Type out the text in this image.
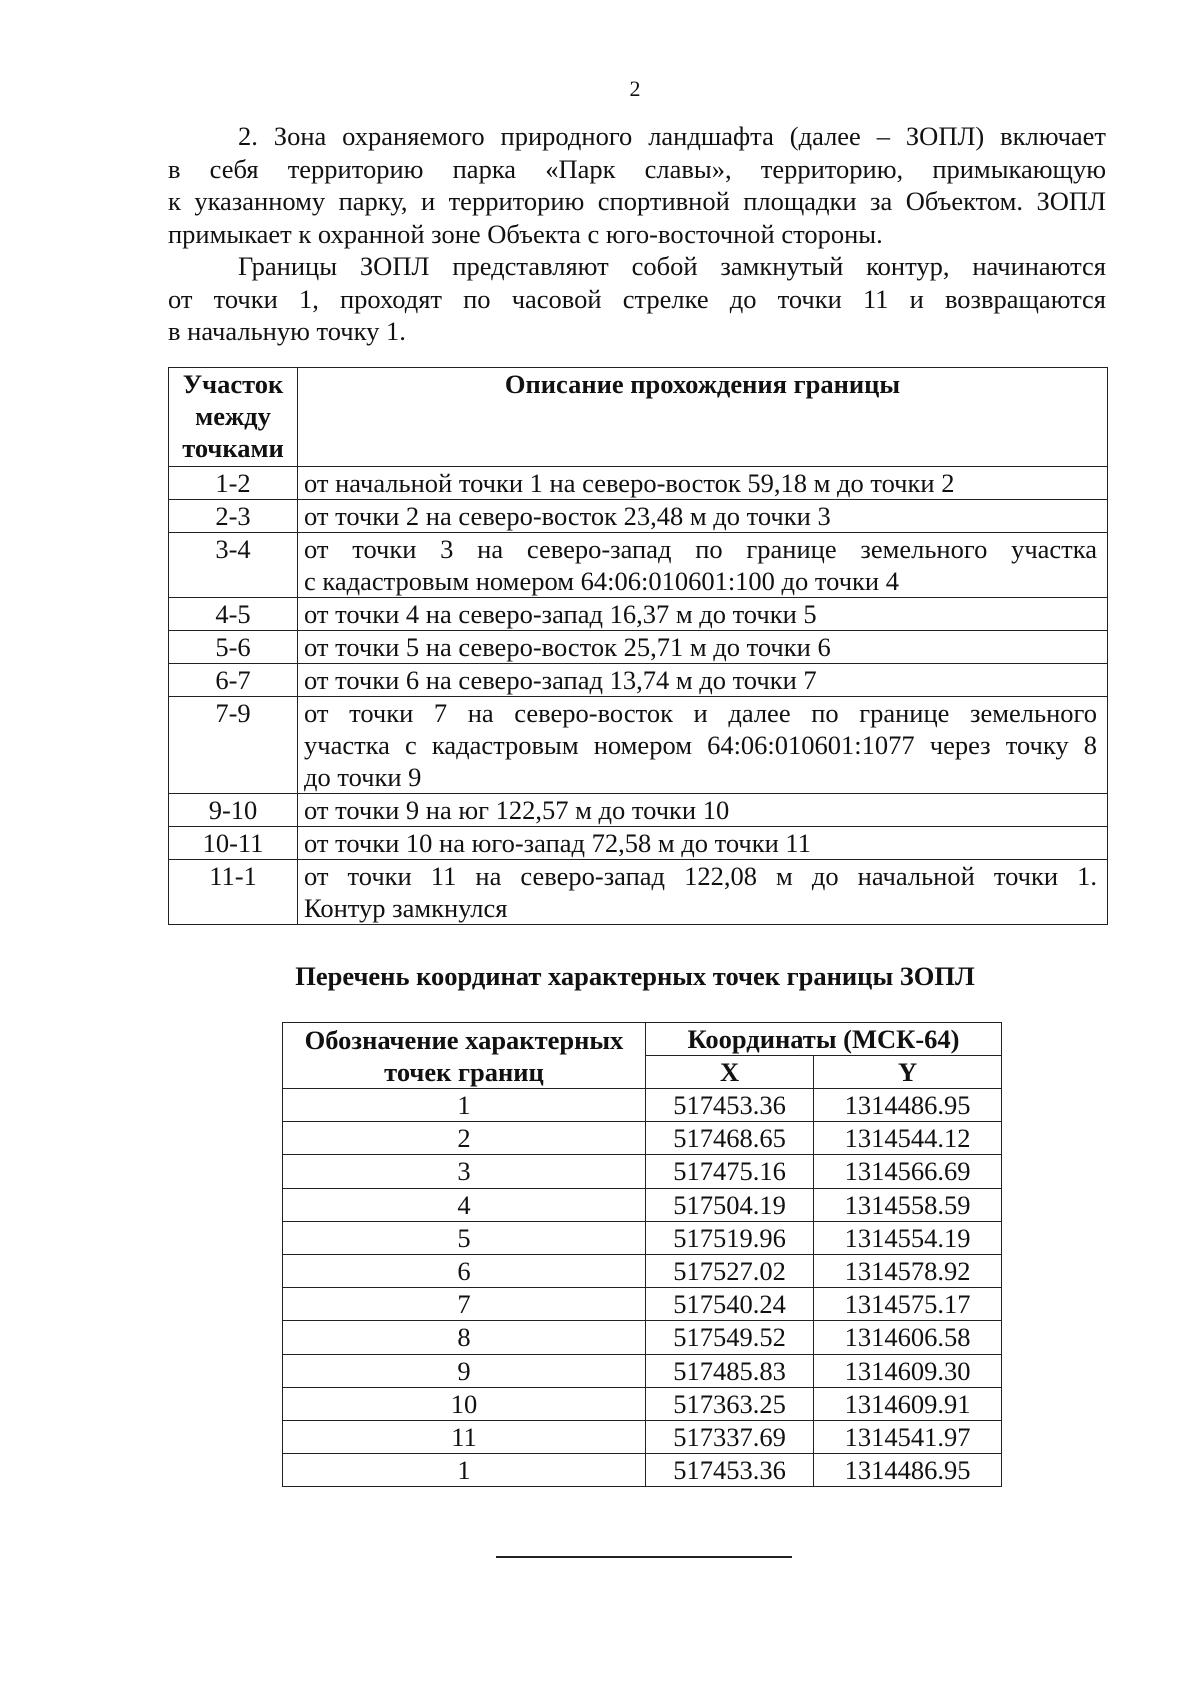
2

2. Зона охраняемого природного ландшафта (далее – ЗОПЛ) включает
в себя территорию парка «Парк славы», территорию, примыкающую
к указанному парку, и территорию спортивной площадки за Объектом. ЗОПЛ
примыкает к охранной зоне Объекта с юго-восточной стороны.

Границы ЗОПЛ представляют собой замкнутый контур, начинаются
от точки 1, проходят по часовой стрелке до точки 11 и возвращаются
в начальную точку 1.

Участок
между
точками	Описание прохождения границы
1-2	от начальной точки 1 на северо-восток 59,18 м до точки 2

2-3	от точки 2 на северо-восток 23,48 м до точки 3

3-4	от точки 3 на северо-запад по границе земельного участка
с кадастровым номером 64:06:010601:100 до точки 4

4-5	от точки 4 на северо-запад 16,37 м до точки 5

5-6	от точки 5 на северо-восток 25,71 м до точки 6

6-7	от точки 6 на северо-запад 13,74 м до точки 7

7-9	от точки 7 на северо-восток и далее по границе земельного
участка с кадастровым номером 64:06:010601:1077 через точку 8
до точки 9

9-10	от точки 9 на юг 122,57 м до точки 10

10-11	от точки 10 на юго-запад 72,58 м до точки 11

11-1	от точки 11 на северо-запад 122,08 м до начальной точки 1.
Контур замкнулся
Перечень координат характерных точек границы ЗОПЛ
Обозначение характерных
точек границ	Координаты (МСК-64)	
	X	Y
1	517453.36	1314486.95
2	517468.65	1314544.12
3	517475.16	1314566.69
4	517504.19	1314558.59
5	517519.96	1314554.19
6	517527.02	1314578.92
7	517540.24	1314575.17
8	517549.52	1314606.58
9	517485.83	1314609.30
10	517363.25	1314609.91
11	517337.69	1314541.97
1	517453.36	1314486.95
